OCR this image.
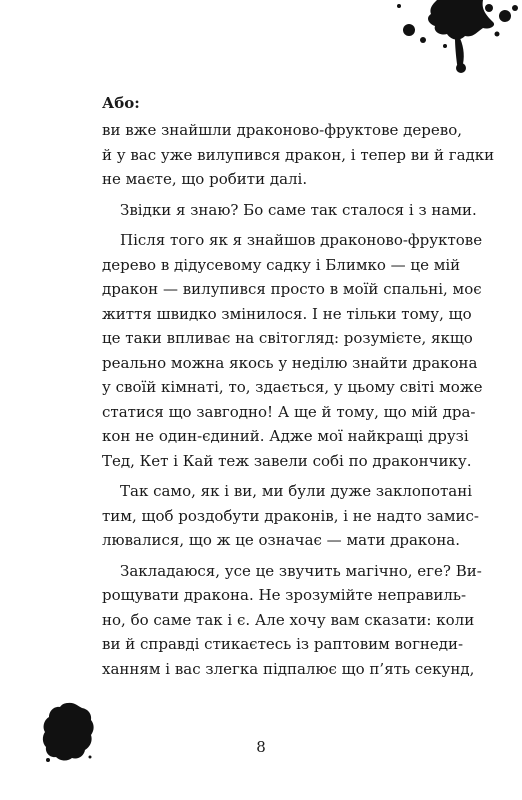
Або:
ви вже знайшли драконово-фруктове дерево,
й у вас уже вилупився дракон, і тепер ви й гадки
не маєте, що робити далі.
Звідки я знаю? Бо саме так сталося і з нами.
Після того як я знайшов драконово-фруктове
дерево в дідусевому садку і Блимко — це мій
дракон — вилупився просто в моїй спальні, моє
життя швидко змінилося. І не тільки тому, що
це таки впливає на світогляд: розумієте, якщо
реально можна якось у неділю знайти дракона
у своїй кімнаті, то, здається, у цьому світі може
статися що завгодно! А ще й тому, що мій дра-
кон не один-єдиний. Адже мої найкращі друзі
Тед, Кет і Кай теж завели собі по дракончику.
Так само, як і ви, ми були дуже заклопотані
тим, щоб роздобути драконів, і не надто замис-
лювалися, що ж це означає — мати дракона.
Закладаюся, усе це звучить магічно, еге? Ви-
рощувати дракона. Не зрозумійте неправиль-
но, бо саме так і є. Але хочу вам сказати: коли
ви й справді стикаєтесь із раптовим вогнеди-
ханням і вас злегка підпалює що п’ять секунд,
8
